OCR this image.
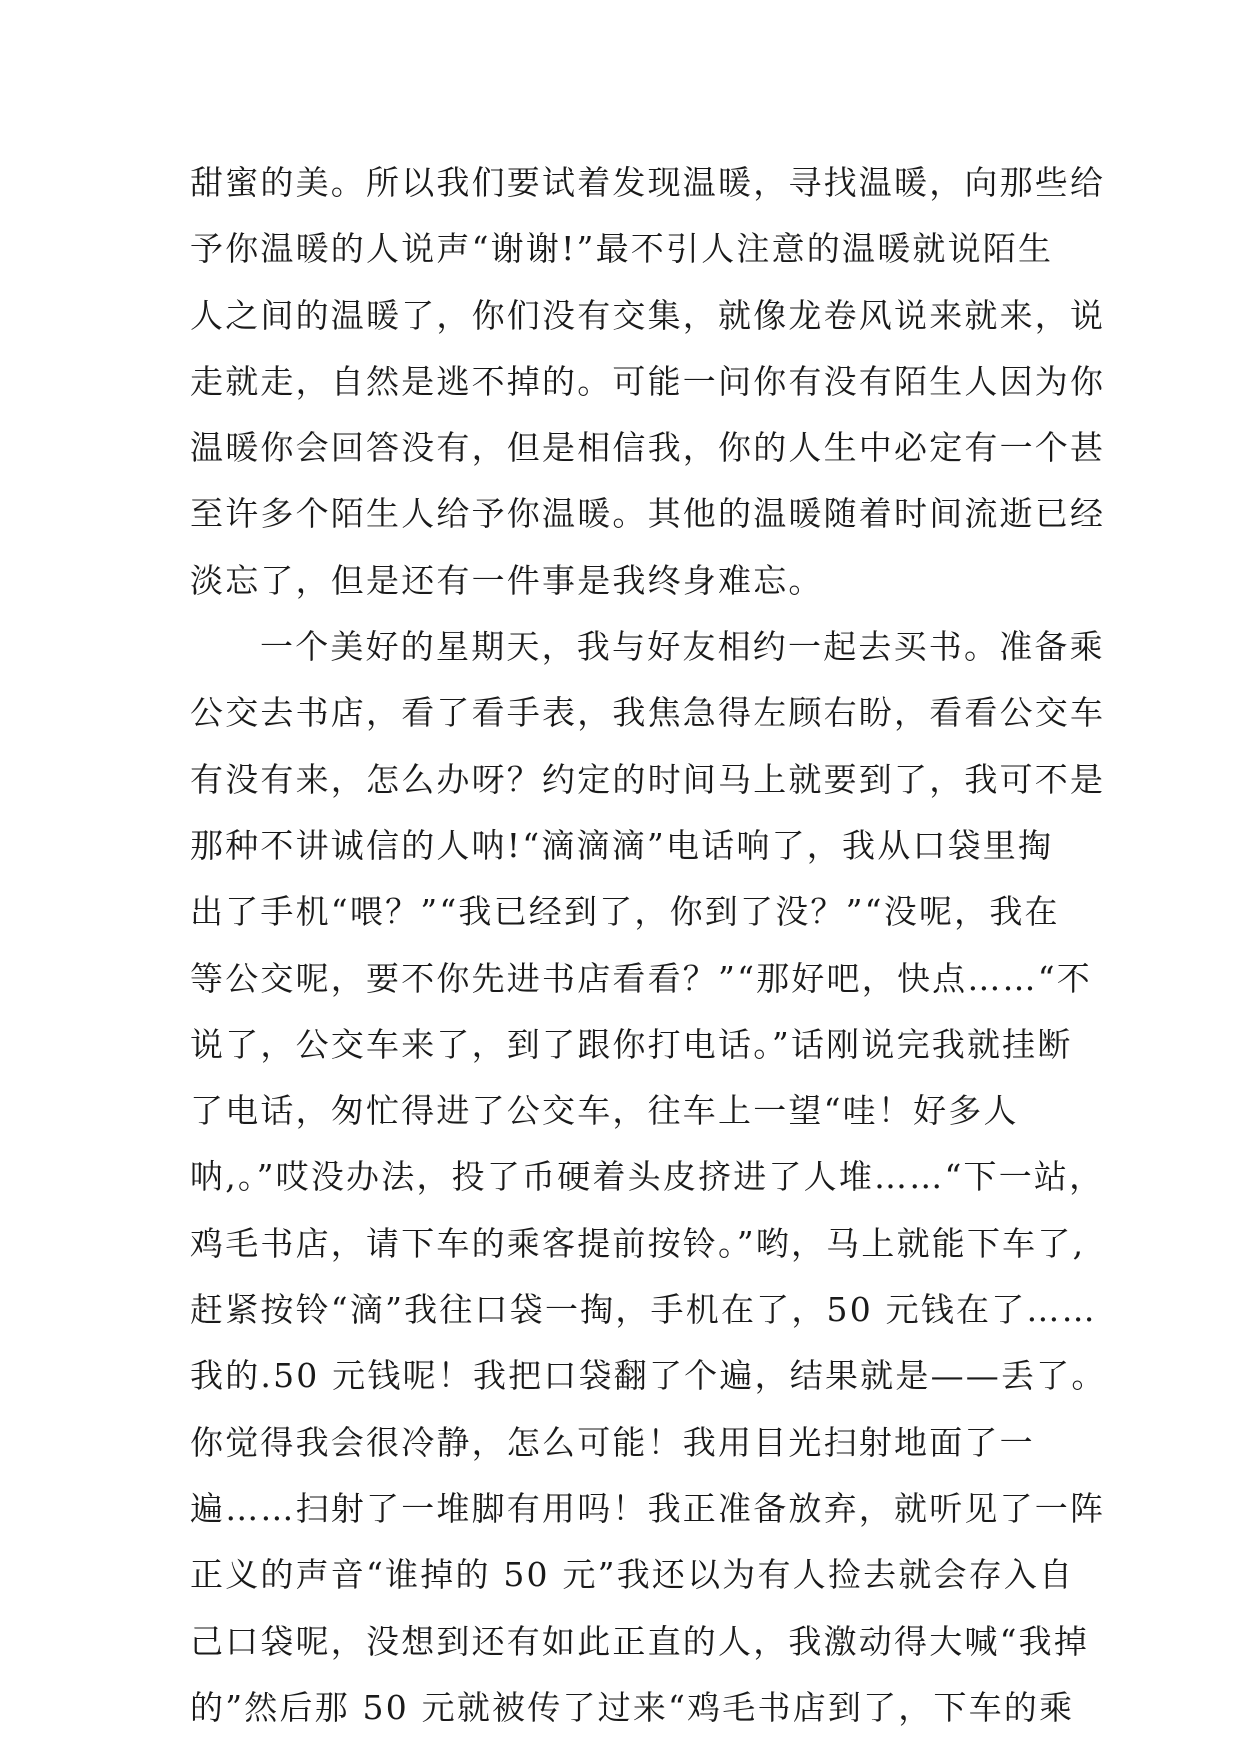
甜蜜的美。所以我们要试着发现温暖，寻找温暖，向那些给
予你温暖的人说声“谢谢!”最不引人注意的温暖就说陌生
人之间的温暖了，你们没有交集，就像龙卷风说来就来，说
走就走，自然是逃不掉的。可能一问你有没有陌生人因为你
温暖你会回答没有，但是相信我，你的人生中必定有一个甚
至许多个陌生人给予你温暖。其他的温暖随着时间流逝已经
淡忘了，但是还有一件事是我终身难忘。
一个美好的星期天，我与好友相约一起去买书。准备乘
公交去书店，看了看手表，我焦急得左顾右盼，看看公交车
有没有来，怎么办呀？约定的时间马上就要到了，我可不是
那种不讲诚信的人呐!“滴滴滴”电话响了，我从口袋里掏
出了手机“喂？”“我已经到了，你到了没？”“没呢，我在
等公交呢，要不你先进书店看看？”“那好吧，快点……“不
说了，公交车来了，到了跟你打电话。”话刚说完我就挂断
了电话，匆忙得进了公交车，往车上一望“哇！好多人
呐,。”哎没办法，投了币硬着头皮挤进了人堆……“下一站，
鸡毛书店，请下车的乘客提前按铃。”哟，马上就能下车了,
赶紧按铃“滴”我往口袋一掏，手机在了，50 元钱在了……
我的.50 元钱呢！我把口袋翻了个遍，结果就是——丢了。
你觉得我会很冷静，怎么可能！我用目光扫射地面了一
遍……扫射了一堆脚有用吗！我正准备放弃，就听见了一阵
正义的声音“谁掉的 50 元”我还以为有人捡去就会存入自
己口袋呢，没想到还有如此正直的人，我激动得大喊“我掉
的”然后那 50 元就被传了过来“鸡毛书店到了，下车的乘
